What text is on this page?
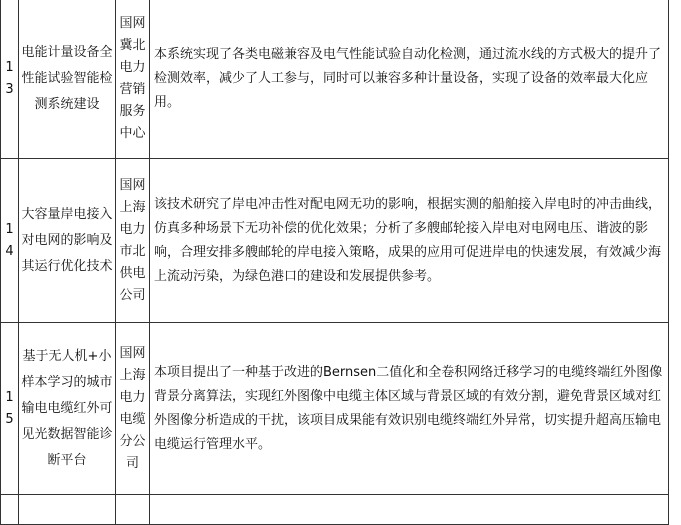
1
3	电能计量设备全性能试验智能检测系统建设	国网冀北电力营销服务中心	本系统实现了各类电磁兼容及电气性能试验自动化检测，通过流水线的方式极大的提升了检测效率，减少了人工参与，同时可以兼容多种计量设备，实现了设备的效率最大化应用。

1
4	大容量岸电接入对电网的影响及其运行优化技术	国网上海电力市北供电公司	该技术研究了岸电冲击性对配电网无功的影响，根据实测的船舶接入岸电时的冲击曲线，仿真多种场景下无功补偿的优化效果；分析了多艘邮轮接入岸电对电网电压、谐波的影响，合理安排多艘邮轮的岸电接入策略，成果的应用可促进岸电的快速发展，有效减少海上流动污染，为绿色港口的建设和发展提供参考。

1
5	基于无人机+小样本学习的城市输电电缆红外可见光数据智能诊断平台	国网上海电力电缆分公司	本项目提出了一种基于改进的Bernsen二值化和全卷积网络迁移学习的电缆终端红外图像背景分离算法，实现红外图像中电缆主体区域与背景区域的有效分割，避免背景区域对红外图像分析造成的干扰，该项目成果能有效识别电缆终端红外异常，切实提升超高压输电电缆运行管理水平。
